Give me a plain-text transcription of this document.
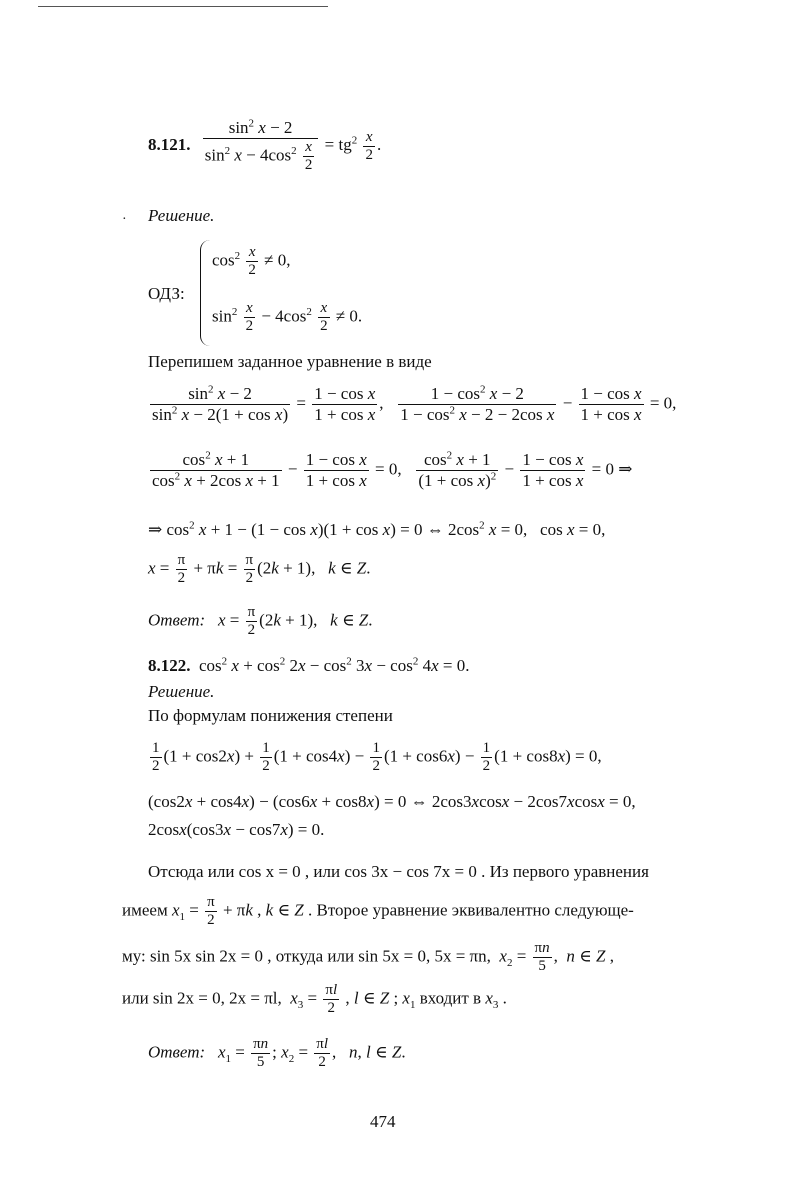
8.121. $\frac{\sin^2 x - 2}{\sin^2 x - 4\cos^2 \frac{x}{2}} = tg^2 \frac{x}{2}$ .
· Решение.
ОДЗ:
$\cos^2 \frac{x}{2} \ne 0$,
$\sin^2 \frac{x}{2} - 4\cos^2 \frac{x}{2} \ne 0$.
Перепишем заданное уравнение в виде
$\frac{\sin^2 x - 2}{\sin^2 x - 2(1 + \cos x)} = \frac{\text{1 − cos x}}{\text{1 + cos x}}$ , $\frac{1 - \cos^2 x - 2}{1 - \cos^2 x - 2 - 2\cos x} - \frac{\text{1 − cos x}}{\text{1 + cos x}} = 0$,
$\frac{\cos^2 x + 1}{\cos^2 x + 2\cos x + 1} - \frac{\text{1 − cos x}}{\text{1 + cos x}} = 0$, $\frac{\cos^2 x + 1}{(1 + \cos x)^2} - \frac{\text{1 − cos x}}{\text{1 + cos x}} = 0$ ⇒
⇒ $\cos^2 x + 1 - (1 - \cos x)(1 + \cos x) = 0$ ⇔ $2\cos^2$ x = 0,   cos x = 0,
$x = \frac{\pi}{2} + \pi k = \frac{\pi}{2} (2k + 1)$,   k ∈ Z.
Ответ: $x = \frac{\pi}{2} (2k + 1)$,   k ∈ Z.
8.122.  $\cos^2 x + \cos^2 2x - \cos^2 3x - \cos^2 4x = 0$.
Решение.
По формулам понижения степени
$\frac{1}{2} (1 + \cos 2x) + \frac{1}{2} (1 + \cos 4x) - \frac{1}{2} (1 + \cos 6x) - \frac{1}{2} (1 + \cos 8x) = 0$,
(cos2x + cos4x) − (cos6x + cos8x) = 0 ⇔ 2cos3xcosx − 2cos7xcosx = 0,
2cosx(cos3x − cos7x) = 0.
Отсюда или cos x = 0 , или cos 3x − cos 7x = 0 . Из первого уравнения
имеем $x_1 = \frac{\pi}{2} + \pi k$ , k ∈ Z . Второе уравнение эквивалентно следующе-
му: sin 5x sin 2x = 0 , откуда или sin 5x = 0, 5x = πn, $x_2 = \frac{\pi n}{5}$ ,  n ∈ Z ,
или sin 2x = 0, 2x = πl, $x_3 = \frac{\pi l}{2}$ , l ∈ Z ; $x_1$ входит в $x_3$ .
Ответ: $x_1 = \frac{\pi n}{5}$ ; $x_2 = \frac{\pi l}{2}$ ,   n, l ∈ Z.
474
